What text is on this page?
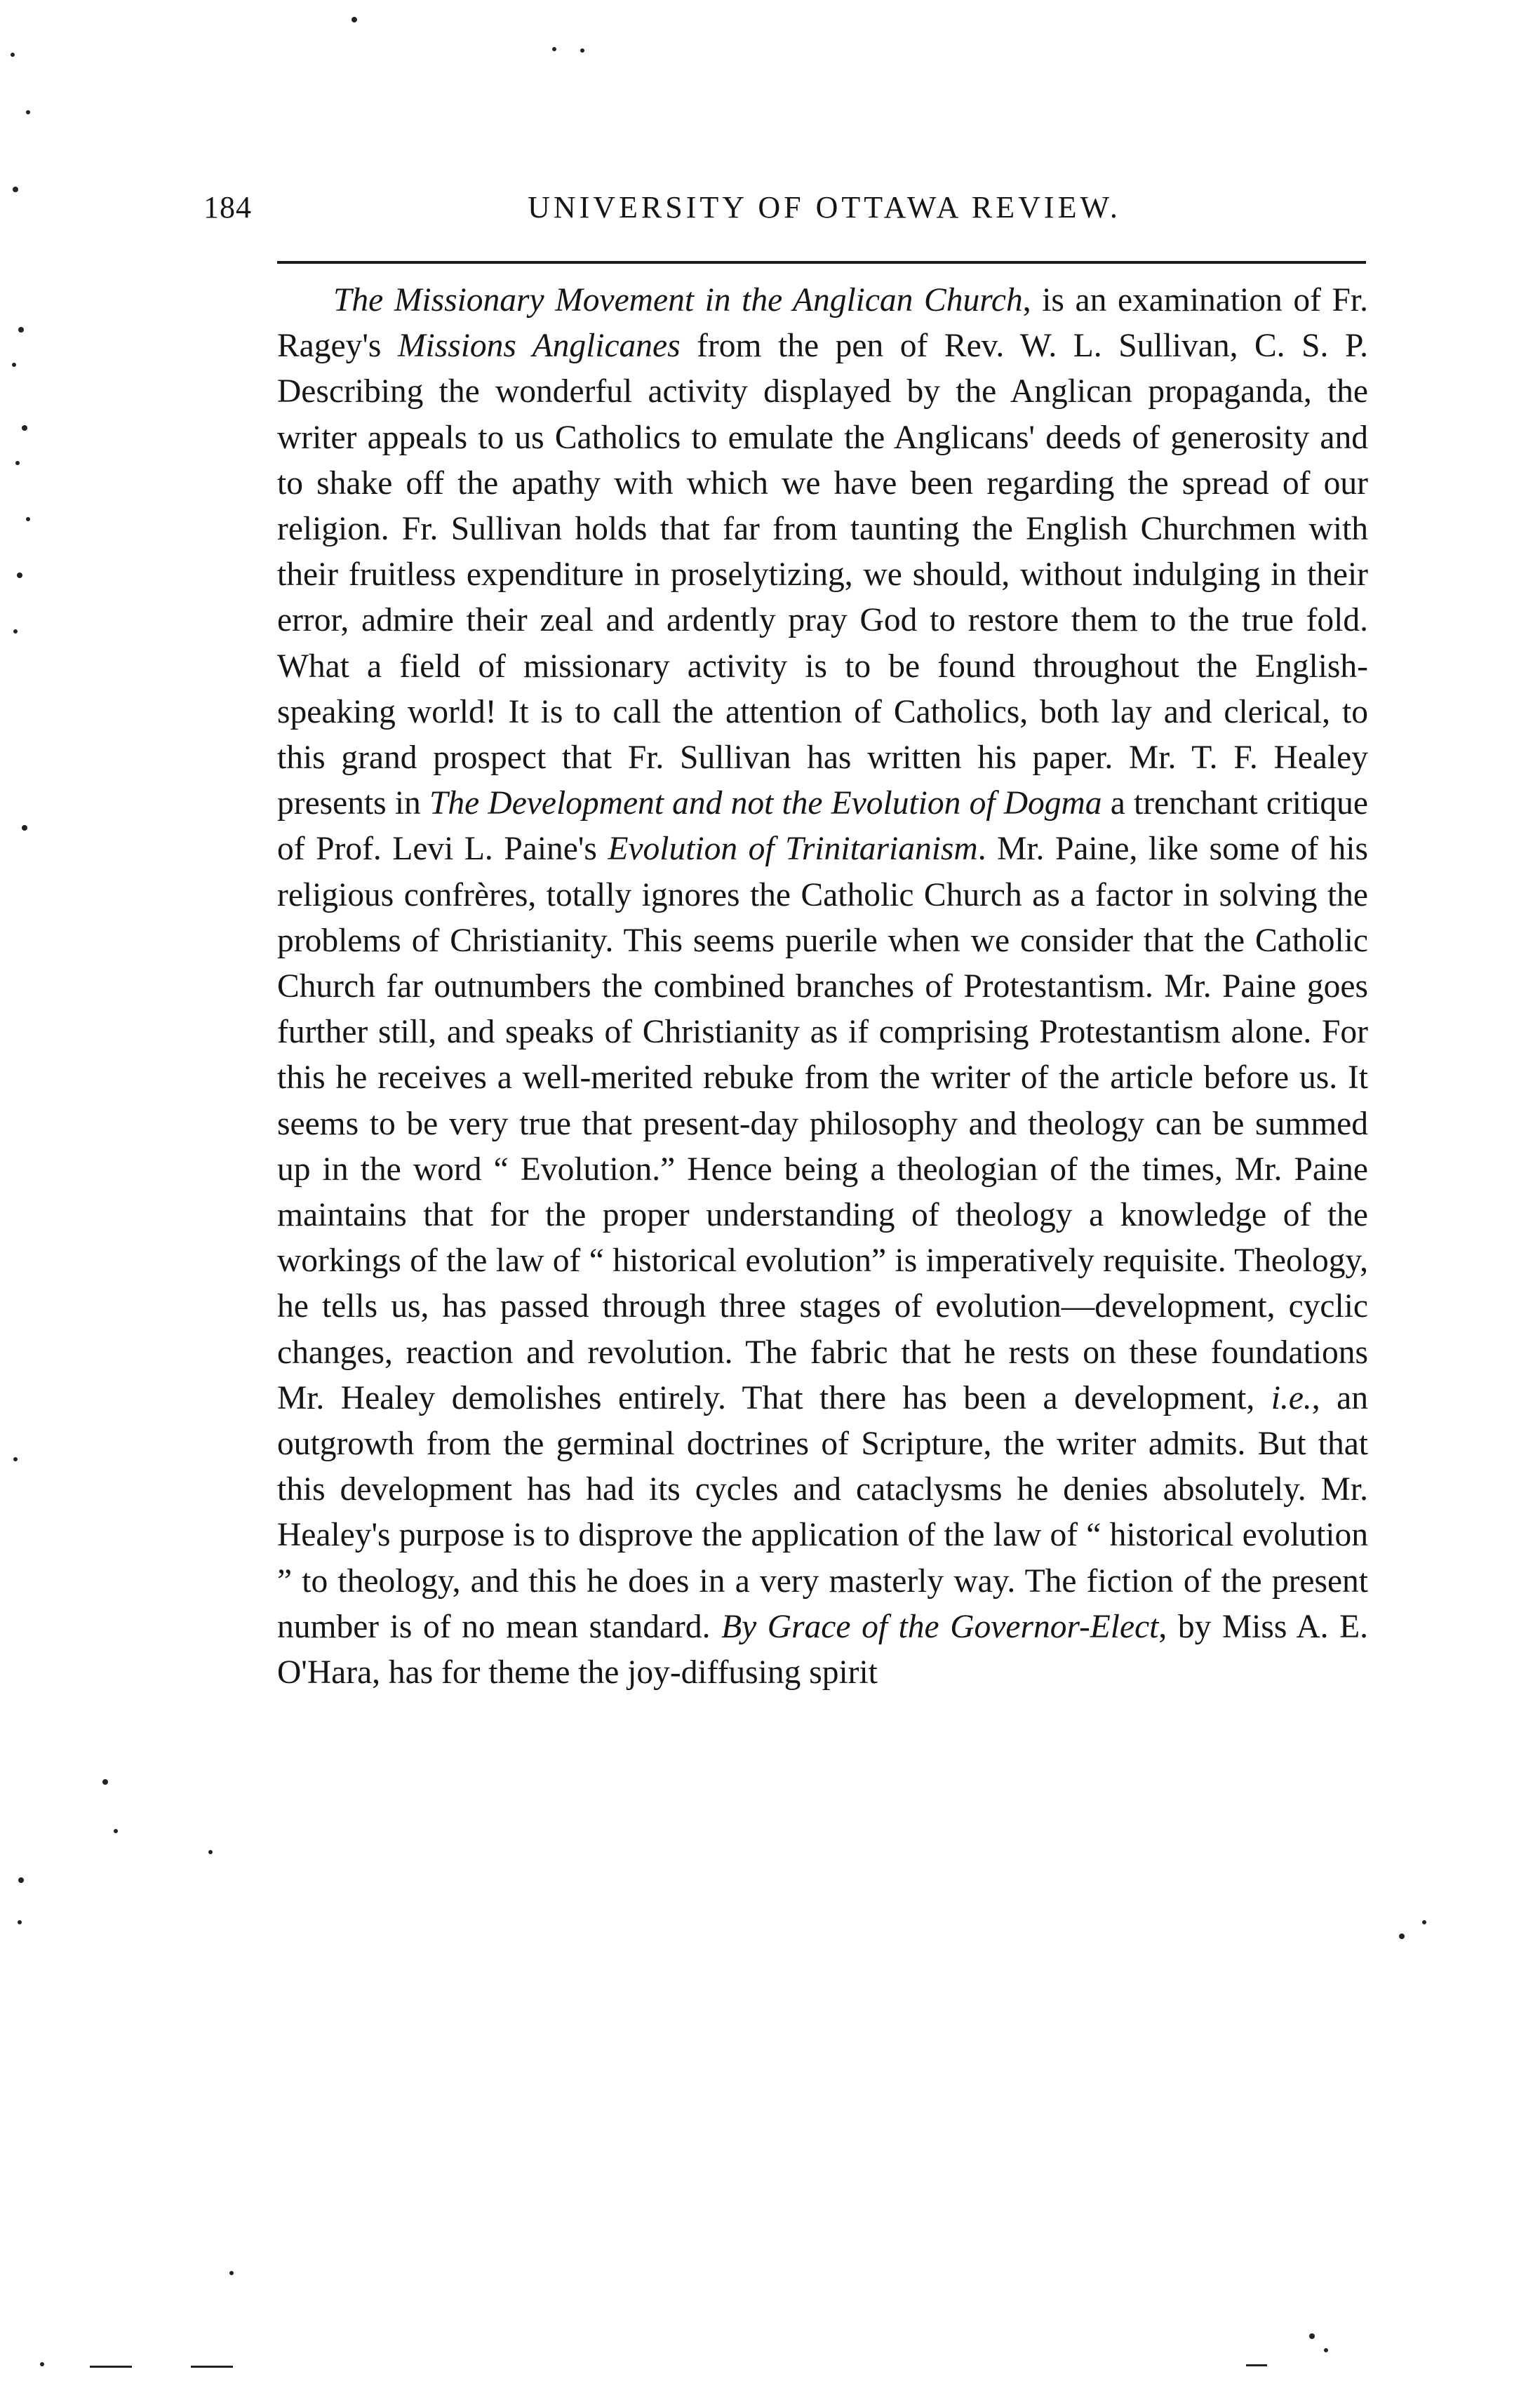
184	UNIVERSITY OF OTTAWA REVIEW.

The Missionary Movement in the Anglican Church, is an examination of Fr. Ragey's Missions Anglicanes from the pen of Rev. W. L. Sullivan, C. S. P. Describing the wonderful activity displayed by the Anglican propaganda, the writer appeals to us Catholics to emulate the Anglicans' deeds of generosity and to shake off the apathy with which we have been regarding the spread of our religion. Fr. Sullivan holds that far from taunting the English Churchmen with their fruitless expenditure in proselytizing, we should, without indulging in their error, admire their zeal and ardently pray God to restore them to the true fold. What a field of missionary activity is to be found throughout the English-speaking world! It is to call the attention of Catholics, both lay and clerical, to this grand prospect that Fr. Sullivan has written his paper. Mr. T. F. Healey presents in The Development and not the Evolution of Dogma a trenchant critique of Prof. Levi L. Paine's Evolution of Trinitarianism. Mr. Paine, like some of his religious confrères, totally ignores the Catholic Church as a factor in solving the problems of Christianity. This seems puerile when we consider that the Catholic Church far outnumbers the combined branches of Protestantism. Mr. Paine goes further still, and speaks of Christianity as if comprising Protestantism alone. For this he receives a well-merited rebuke from the writer of the article before us. It seems to be very true that present-day philosophy and theology can be summed up in the word “ Evolution.” Hence being a theologian of the times, Mr. Paine maintains that for the proper understanding of theology a knowledge of the workings of the law of “ historical evolution” is imperatively requisite. Theology, he tells us, has passed through three stages of evolution—development, cyclic changes, reaction and revolution. The fabric that he rests on these foundations Mr. Healey demolishes entirely. That there has been a development, i.e., an outgrowth from the germinal doctrines of Scripture, the writer admits. But that this development has had its cycles and cataclysms he denies absolutely. Mr. Healey's purpose is to disprove the application of the law of “ historical evolution ” to theology, and this he does in a very masterly way. The fiction of the present number is of no mean standard. By Grace of the Governor-Elect, by Miss A. E. O'Hara, has for theme the joy-diffusing spirit
